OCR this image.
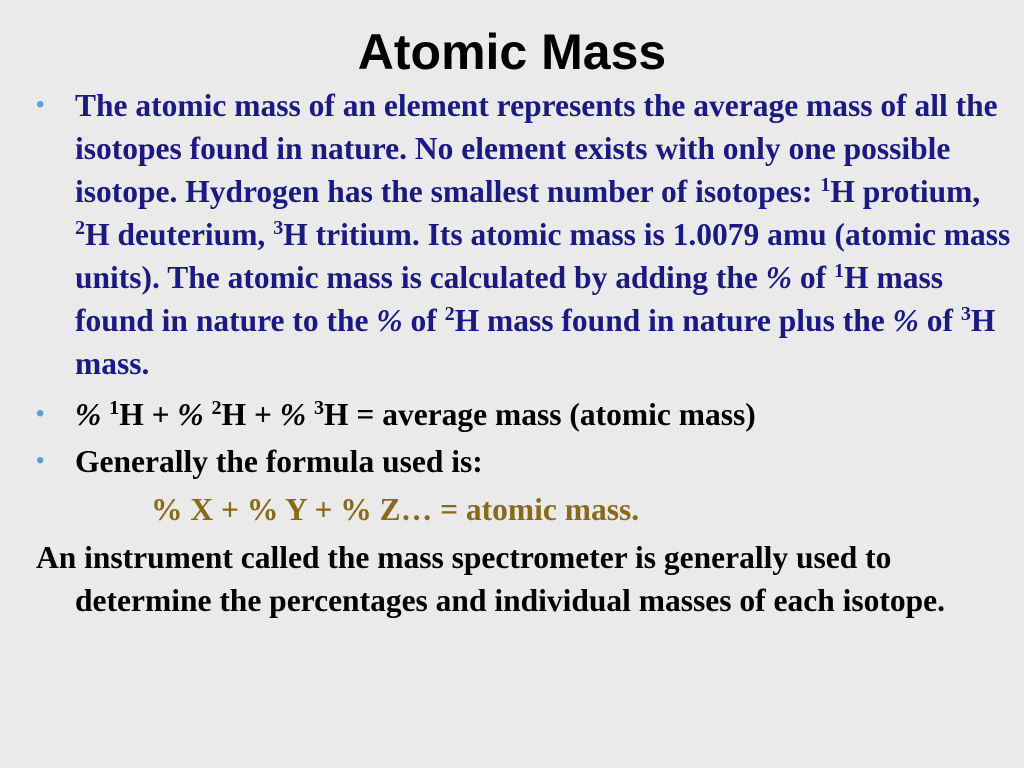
Atomic Mass

• The atomic mass of an element represents the average mass of all the isotopes found in nature. No element exists with only one possible isotope. Hydrogen has the smallest number of isotopes: $^1$H protium, $^2$H deuterium, $^3$H tritium. Its atomic mass is 1.0079 amu (atomic mass units). The atomic mass is calculated by adding the % of $^1$H mass found in nature to the % of $^2$H mass found in nature plus the % of $^3$H mass.

• % $^1$H + % $^2$H + % $^3$H = average mass (atomic mass)

• Generally the formula used is:

% X + % Y + % Z… = atomic mass.

An instrument called the mass spectrometer is generally used to determine the percentages and individual masses of each isotope.
